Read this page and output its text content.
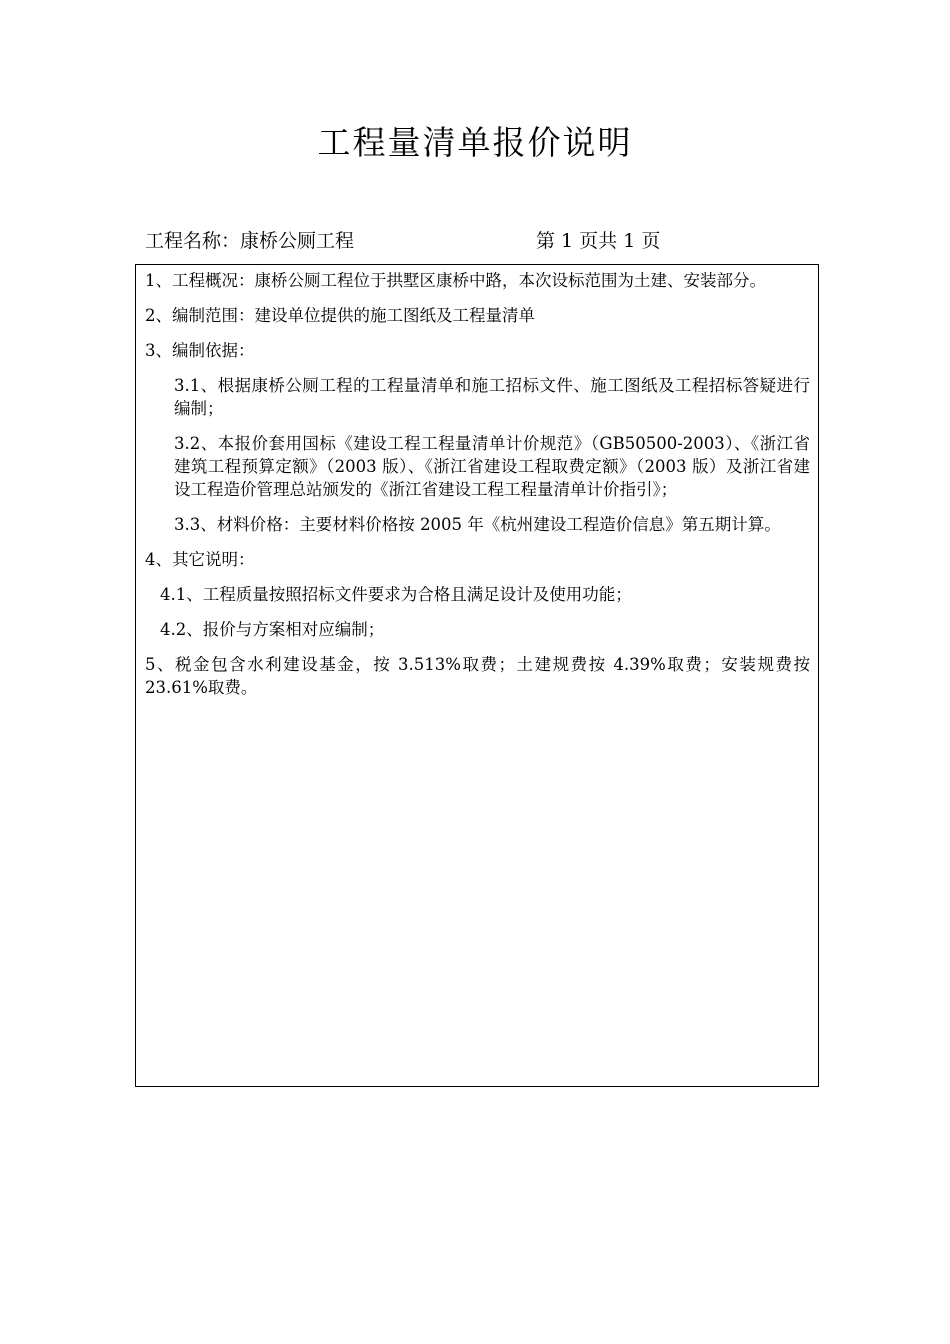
工程量清单报价说明
工程名称：康桥公厕工程	第 1 页共 1 页

1、工程概况：康桥公厕工程位于拱墅区康桥中路，本次设标范围为土建、安装部分。

2、编制范围：建设单位提供的施工图纸及工程量清单

3、编制依据：

3.1、根据康桥公厕工程的工程量清单和施工招标文件、施工图纸及工程招标答疑进行编制；

3.2、本报价套用国标《建设工程工程量清单计价规范》（GB50500-2003）、《浙江省建筑工程预算定额》（2003 版）、《浙江省建设工程取费定额》（2003 版）及浙江省建设工程造价管理总站颁发的《浙江省建设工程工程量清单计价指引》；

3.3、材料价格：主要材料价格按 2005 年《杭州建设工程造价信息》第五期计算。

4、其它说明：

4.1、工程质量按照招标文件要求为合格且满足设计及使用功能；

4.2、报价与方案相对应编制；

5、税金包含水利建设基金，按 3.513%取费；土建规费按 4.39%取费；安装规费按 23.61%取费。
